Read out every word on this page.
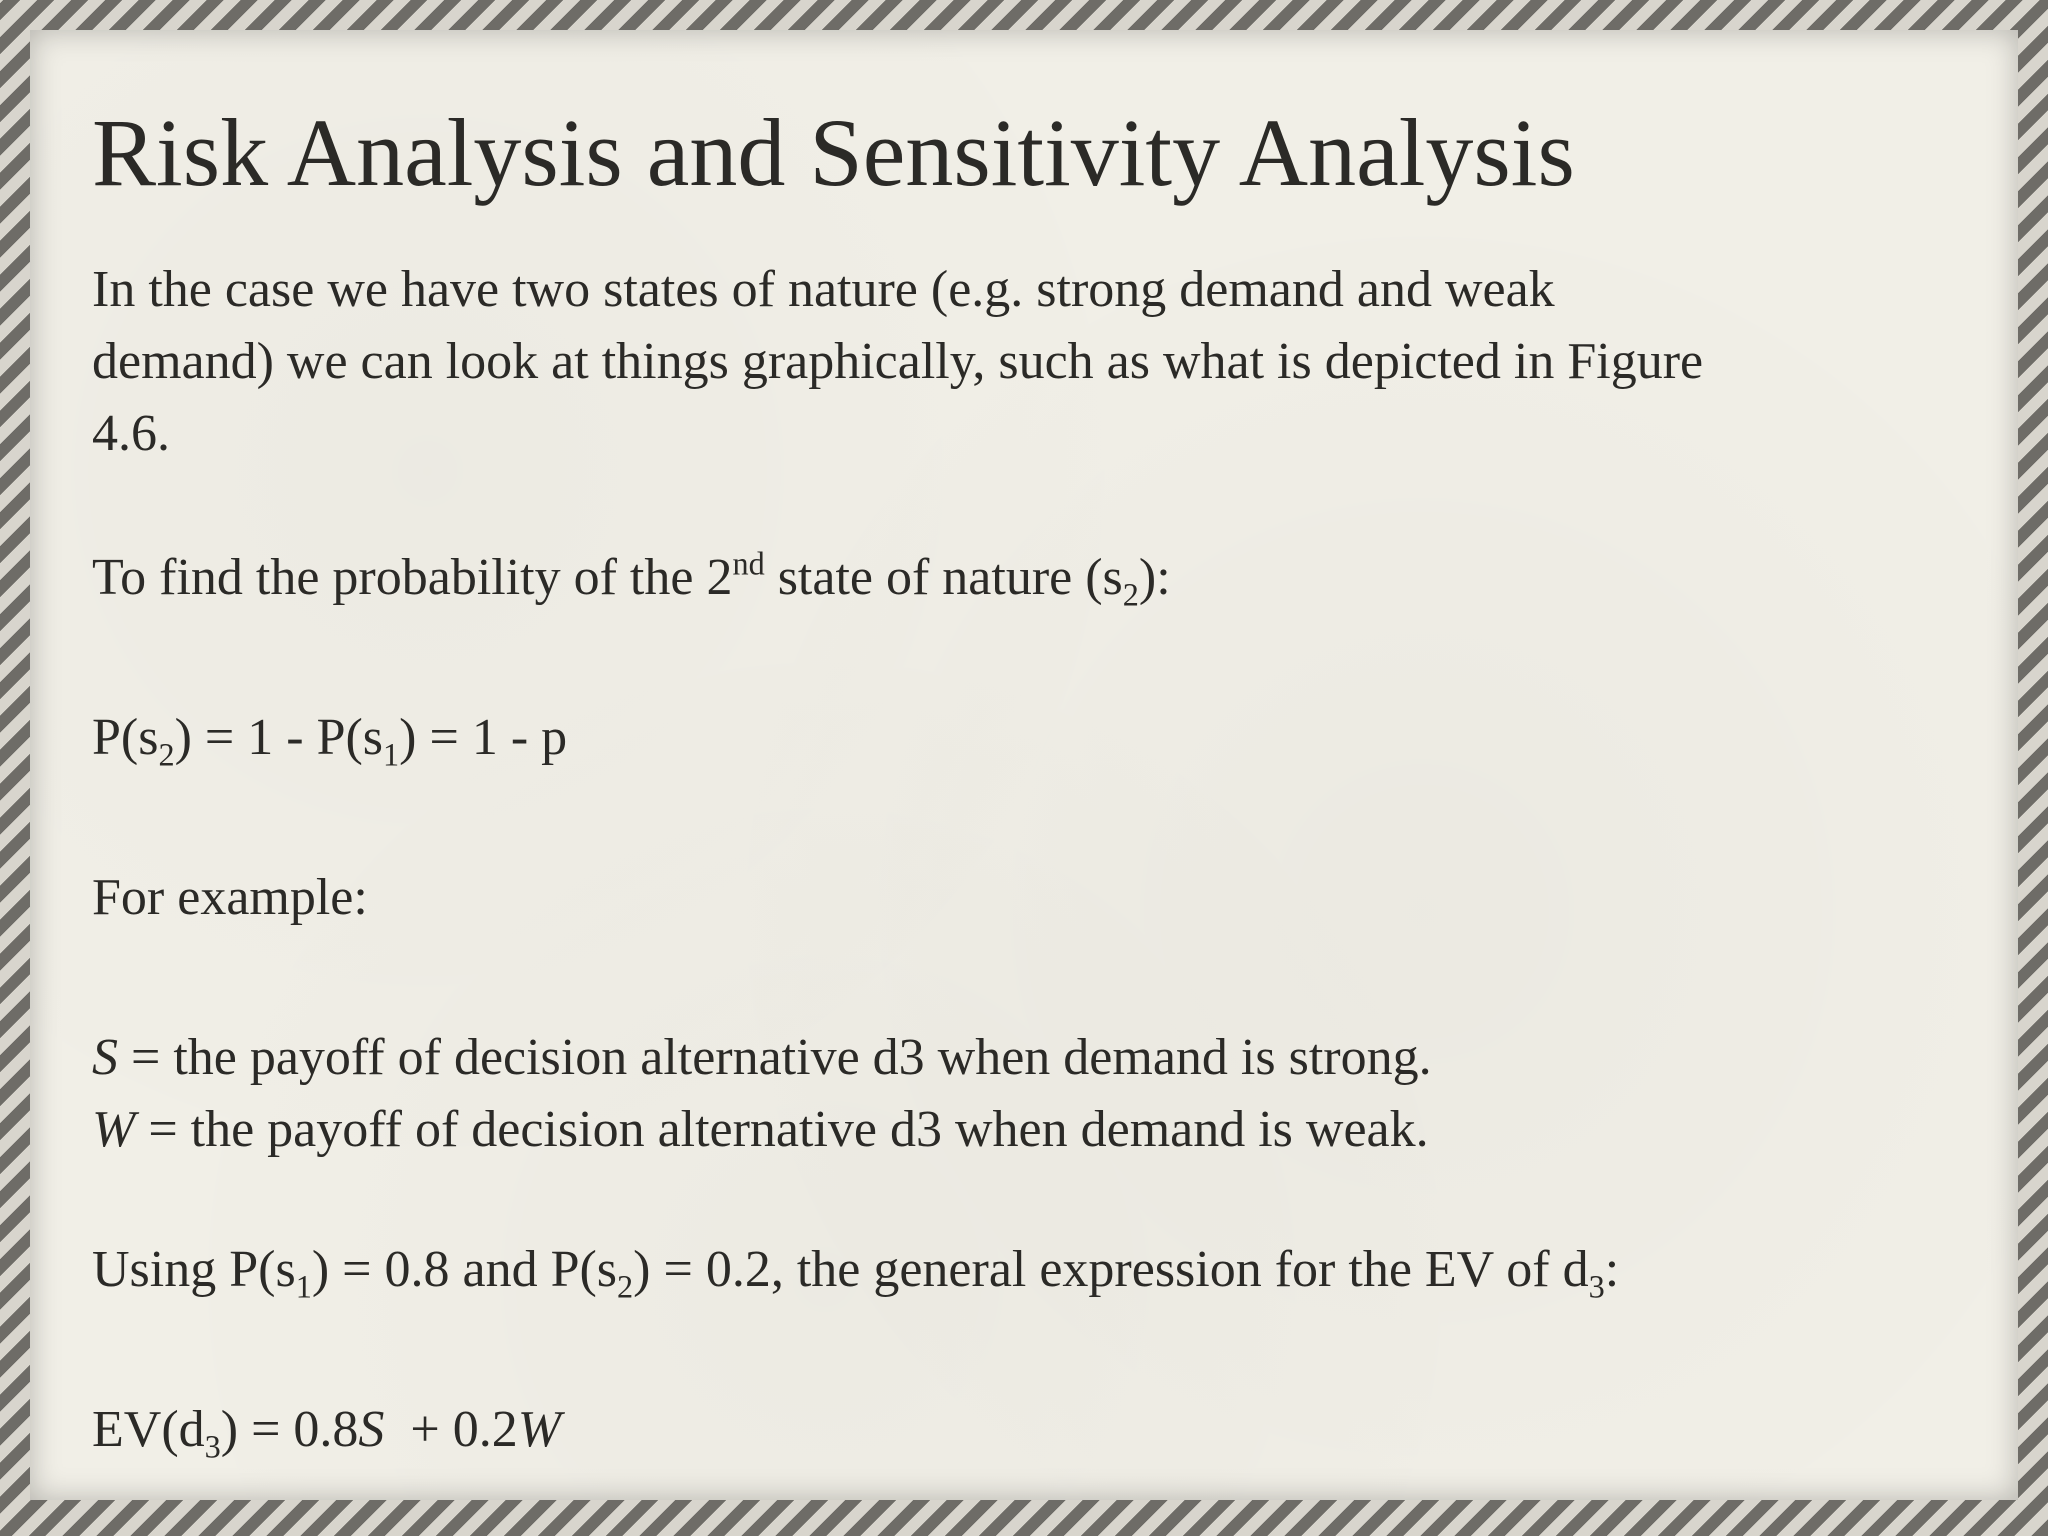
Risk Analysis and Sensitivity Analysis

In the case we have two states of nature (e.g. strong demand and weak

demand) we can look at things graphically, such as what is depicted in Figure

4.6.

To find the probability of the 2nd state of nature $(s_2)$:

$P(s_2) = 1 - P(s_1) = 1 - p$

For example:

S = the payoff of decision alternative d3 when demand is strong.

W = the payoff of decision alternative d3 when demand is weak.

Using $P(s_1) = 0.8$ and $P(s_2) = 0.2$, the general expression for the EV of $d_3$:

$EV(d_3) = 0.8S + 0.2W$
